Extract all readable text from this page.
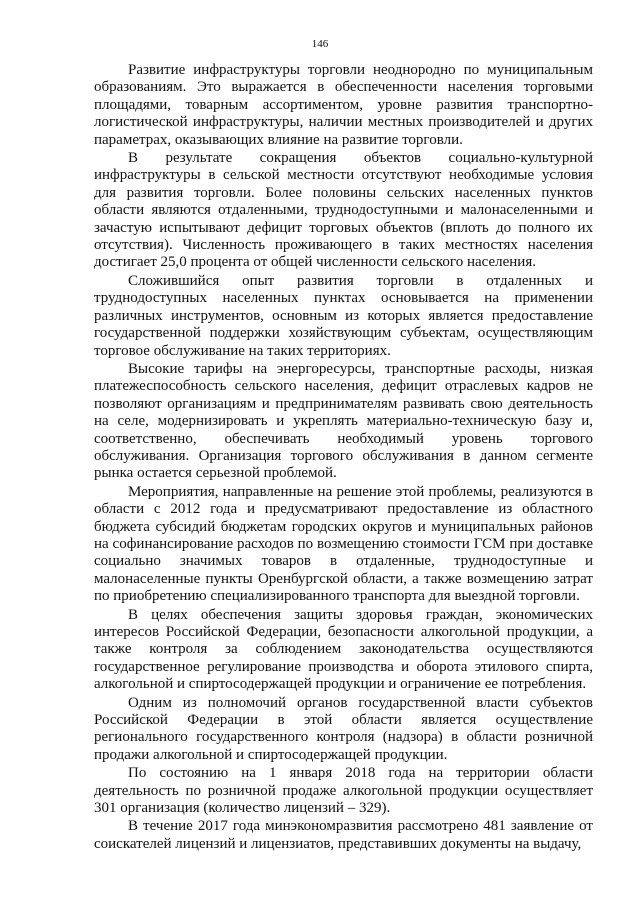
146

Развитие инфраструктуры торговли неоднородно по муниципальным образованиям. Это выражается в обеспеченности населения торговыми площадями, товарным ассортиментом, уровне развития транспортно-логистической инфраструктуры, наличии местных производителей и других параметрах, оказывающих влияние на развитие торговли.

В результате сокращения объектов социально-культурной инфраструктуры в сельской местности отсутствуют необходимые условия для развития торговли. Более половины сельских населенных пунктов области являются отдаленными, труднодоступными и малонаселенными и зачастую испытывают дефицит торговых объектов (вплоть до полного их отсутствия). Численность проживающего в таких местностях населения достигает 25,0 процента от общей численности сельского населения.

Сложившийся опыт развития торговли в отдаленных и труднодоступных населенных пунктах основывается на применении различных инструментов, основным из которых является предоставление государственной поддержки хозяйствующим субъектам, осуществляющим торговое обслуживание на таких территориях.

Высокие тарифы на энергоресурсы, транспортные расходы, низкая платежеспособность сельского населения, дефицит отраслевых кадров не позволяют организациям и предпринимателям развивать свою деятельность на селе, модернизировать и укреплять материально-техническую базу и, соответственно, обеспечивать необходимый уровень торгового обслуживания. Организация торгового обслуживания в данном сегменте рынка остается серьезной проблемой.

Мероприятия, направленные на решение этой проблемы, реализуются в области с 2012 года и предусматривают предоставление из областного бюджета субсидий бюджетам городских округов и муниципальных районов на софинансирование расходов по возмещению стоимости ГСМ при доставке социально значимых товаров в отдаленные, труднодоступные и малонаселенные пункты Оренбургской области, а также возмещению затрат по приобретению специализированного транспорта для выездной торговли.

В целях обеспечения защиты здоровья граждан, экономических интересов Российской Федерации, безопасности алкогольной продукции, а также контроля за соблюдением законодательства осуществляются государственное регулирование производства и оборота этилового спирта, алкогольной и спиртосодержащей продукции и ограничение ее потребления.

Одним из полномочий органов государственной власти субъектов Российской Федерации в этой области является осуществление регионального государственного контроля (надзора) в области розничной продажи алкогольной и спиртосодержащей продукции.

По состоянию на 1 января 2018 года на территории области деятельность по розничной продаже алкогольной продукции осуществляет 301 организация (количество лицензий – 329).

В течение 2017 года минэкономразвития рассмотрено 481 заявление от соискателей лицензий и лицензиатов, представивших документы на выдачу,
